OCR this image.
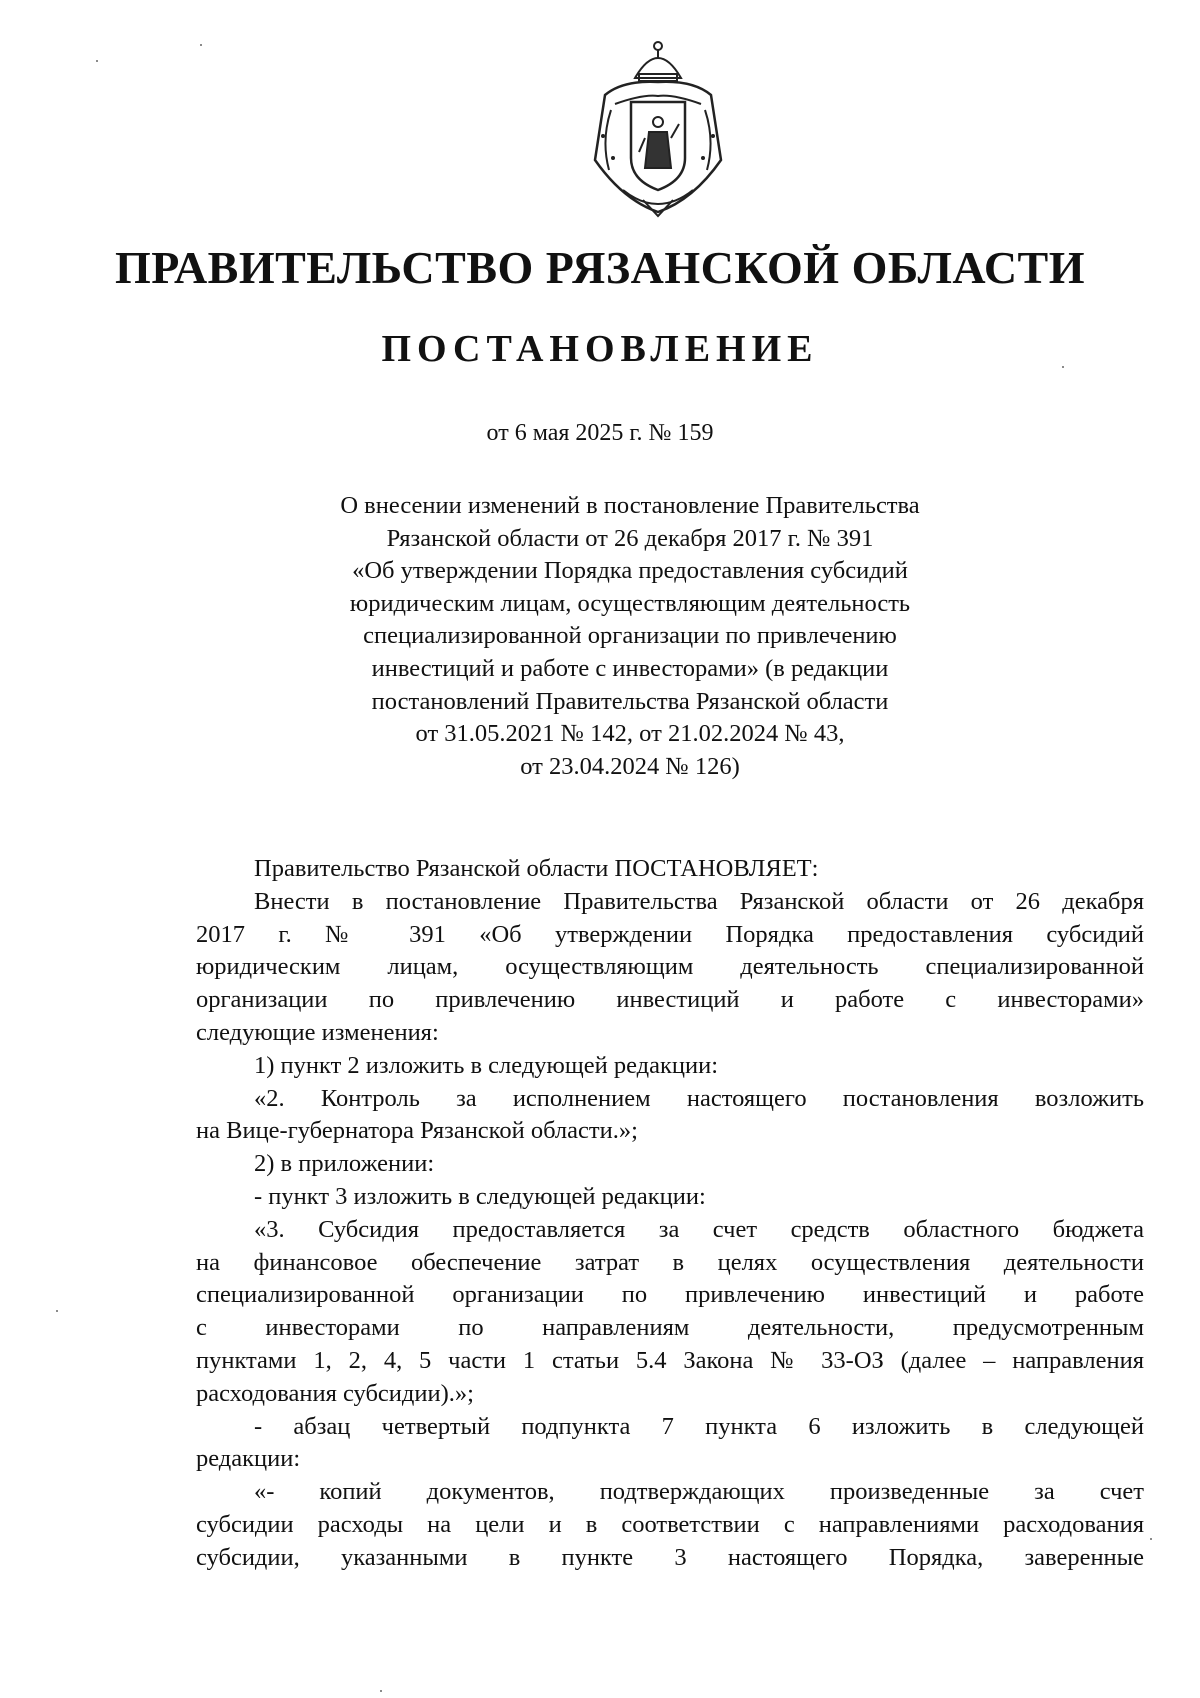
ПРАВИТЕЛЬСТВО РЯЗАНСКОЙ ОБЛАСТИ
ПОСТАНОВЛЕНИЕ
от 6 мая 2025 г. № 159
О внесении изменений в постановление Правительства
Рязанской области от 26 декабря 2017 г. № 391
«Об утверждении Порядка предоставления субсидий
юридическим лицам, осуществляющим деятельность
специализированной организации по привлечению
инвестиций и работе с инвесторами» (в редакции
постановлений Правительства Рязанской области
от 31.05.2021 № 142, от 21.02.2024 № 43,
от 23.04.2024 № 126)
Правительство Рязанской области ПОСТАНОВЛЯЕТ:
Внести в постановление Правительства Рязанской области от 26 декабря
2017 г. № 391 «Об утверждении Порядка предоставления субсидий
юридическим лицам, осуществляющим деятельность специализированной
организации по привлечению инвестиций и работе с инвесторами»
следующие изменения:
1) пункт 2 изложить в следующей редакции:
«2. Контроль за исполнением настоящего постановления возложить
на Вице-губернатора Рязанской области.»;
2) в приложении:
- пункт 3 изложить в следующей редакции:
«3. Субсидия предоставляется за счет средств областного бюджета
на финансовое обеспечение затрат в целях осуществления деятельности
специализированной организации по привлечению инвестиций и работе
с инвесторами по направлениям деятельности, предусмотренным
пунктами 1, 2, 4, 5 части 1 статьи 5.4 Закона № 33-ОЗ (далее – направления
расходования субсидии).»;
- абзац четвертый подпункта 7 пункта 6 изложить в следующей
редакции:
«- копий документов, подтверждающих произведенные за счет
субсидии расходы на цели и в соответствии с направлениями расходования
субсидии, указанными в пункте 3 настоящего Порядка, заверенные
